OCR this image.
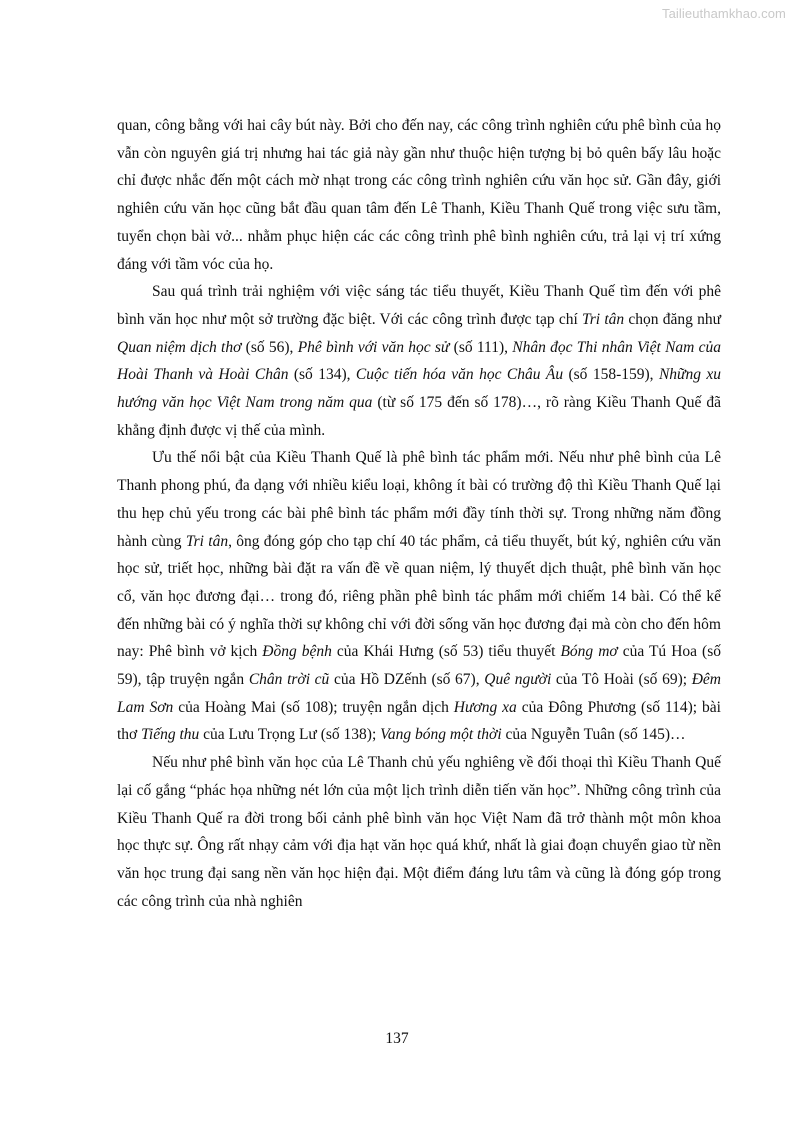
Tailieuthamkhao.com

quan, công bằng với hai cây bút này. Bởi cho đến nay, các công trình nghiên cứu phê bình của họ vẫn còn nguyên giá trị nhưng hai tác giả này gần như thuộc hiện tượng bị bỏ quên bấy lâu hoặc chỉ được nhắc đến một cách mờ nhạt trong các công trình nghiên cứu văn học sử. Gần đây, giới nghiên cứu văn học cũng bắt đầu quan tâm đến Lê Thanh, Kiều Thanh Quế trong việc sưu tầm, tuyển chọn bài vở... nhằm phục hiện các các công trình phê bình nghiên cứu, trả lại vị trí xứng đáng với tầm vóc của họ.

Sau quá trình trải nghiệm với việc sáng tác tiểu thuyết, Kiều Thanh Quế tìm đến với phê bình văn học như một sở trường đặc biệt. Với các công trình được tạp chí Tri tân chọn đăng như Quan niệm dịch thơ (số 56), Phê bình với văn học sử (số 111), Nhân đọc Thi nhân Việt Nam của Hoài Thanh và Hoài Chân (số 134), Cuộc tiến hóa văn học Châu Âu (số 158-159), Những xu hướng văn học Việt Nam trong năm qua (từ số 175 đến số 178)…, rõ ràng Kiều Thanh Quế đã khẳng định được vị thế của mình.

Ưu thế nổi bật của Kiều Thanh Quế là phê bình tác phẩm mới. Nếu như phê bình của Lê Thanh phong phú, đa dạng với nhiều kiểu loại, không ít bài có trường độ thì Kiều Thanh Quế lại thu hẹp chủ yếu trong các bài phê bình tác phẩm mới đầy tính thời sự. Trong những năm đồng hành cùng Tri tân, ông đóng góp cho tạp chí 40 tác phẩm, cả tiểu thuyết, bút ký, nghiên cứu văn học sử, triết học, những bài đặt ra vấn đề về quan niệm, lý thuyết dịch thuật, phê bình văn học cổ, văn học đương đại… trong đó, riêng phần phê bình tác phẩm mới chiếm 14 bài. Có thể kể đến những bài có ý nghĩa thời sự không chỉ với đời sống văn học đương đại mà còn cho đến hôm nay: Phê bình vở kịch Đồng bệnh của Khái Hưng (số 53) tiểu thuyết Bóng mơ của Tú Hoa (số 59), tập truyện ngắn Chân trời cũ của Hồ DZếnh (số 67), Quê người của Tô Hoài (số 69); Đêm Lam Sơn của Hoàng Mai (số 108); truyện ngắn dịch Hương xa của Đông Phương (số 114); bài thơ Tiếng thu của Lưu Trọng Lư (số 138); Vang bóng một thời của Nguyễn Tuân (số 145)…

Nếu như phê bình văn học của Lê Thanh chủ yếu nghiêng về đối thoại thì Kiều Thanh Quế lại cố gắng “phác họa những nét lớn của một lịch trình diễn tiến văn học”. Những công trình của Kiều Thanh Quế ra đời trong bối cảnh phê bình văn học Việt Nam đã trở thành một môn khoa học thực sự. Ông rất nhạy cảm với địa hạt văn học quá khứ, nhất là giai đoạn chuyển giao từ nền văn học trung đại sang nền văn học hiện đại. Một điểm đáng lưu tâm và cũng là đóng góp trong các công trình của nhà nghiên

137
